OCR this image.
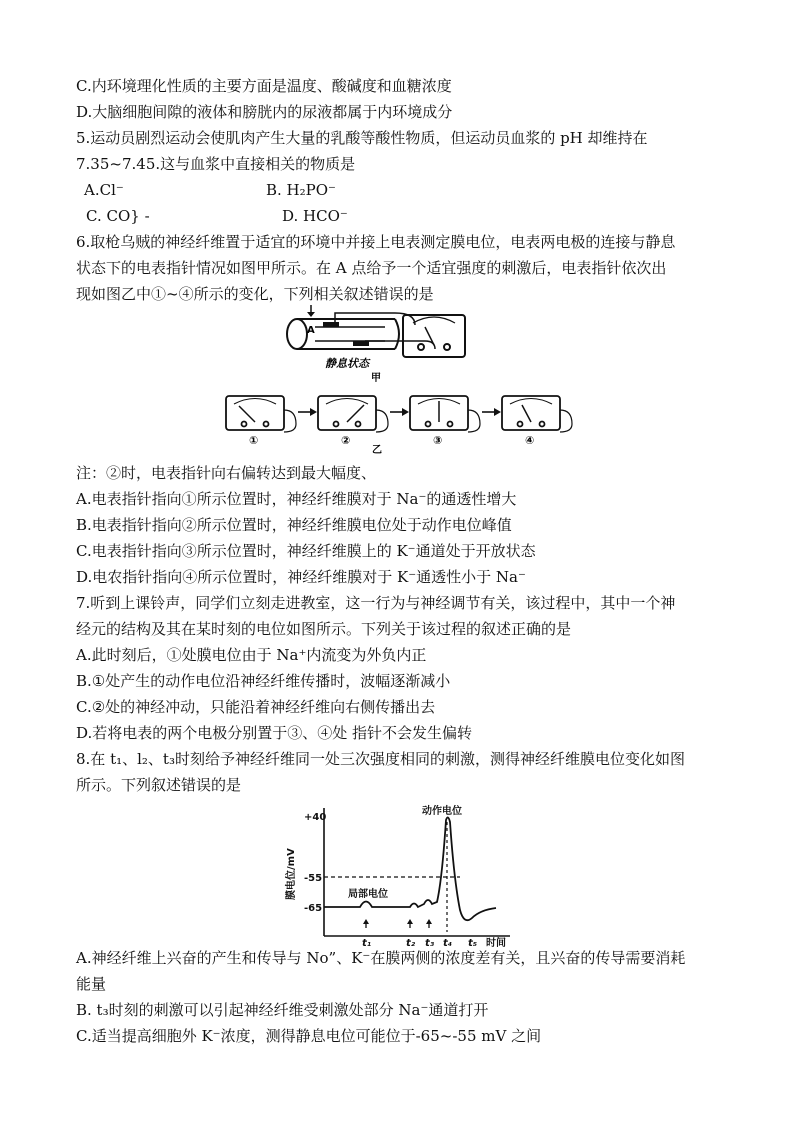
C.内环境理化性质的主要方面是温度、酸碱度和血糖浓度
D.大脑细胞间隙的液体和膀胱内的尿液都属于内环境成分
5.运动员剧烈运动会使肌肉产生大量的乳酸等酸性物质，但运动员血浆的 pH 却维持在
7.35~7.45.这与血浆中直接相关的物质是
A.Cl⁻	B. H₂PO⁻
C. CO} -	D. HCO⁻
6.取枪乌贼的神经纤维置于适宜的环境中并接上电表测定膜电位，电表两电极的连接与静息
状态下的电表指针情况如图甲所示。在 A 点给予一个适宜强度的刺激后，电表指针依次出
现如图乙中①~④所示的变化，下列相关叙述错误的是
A
静息状态
甲
①	②	③	④
乙
注：②时，电表指针向右偏转达到最大幅度、
A.电表指针指向①所示位置时，神经纤维膜对于 Na⁻的通透性增大
B.电表指针指向②所示位置时，神经纤维膜电位处于动作电位峰值
C.电表指针指向③所示位置时，神经纤维膜上的 K⁻通道处于开放状态
D.电农指针指向④所示位置时，神经纤维膜对于 K⁻通透性小于 Na⁻
7.听到上课铃声，同学们立刻走进教室，这一行为与神经调节有关，该过程中，其中一个神
经元的结构及其在某时刻的电位如图所示。下列关于该过程的叙述正确的是
A.此时刻后，①处膜电位由于 Na⁺内流变为外负内正
B.①处产生的动作电位沿神经纤维传播时，波幅逐渐减小
C.②处的神经冲动，只能沿着神经纤维向右侧传播出去
D.若将电表的两个电极分别置于③、④处 指针不会发生偏转
8.在 t₁、l₂、t₃时刻给予神经纤维同一处三次强度相同的刺激，测得神经纤维膜电位变化如图
所示。下列叙述错误的是
+40
-55
-65
t₁	t₂ t₃ t₄ t₅ 时间
动作电位
局部电位
膜电位/mV
A.神经纤维上兴奋的产生和传导与 No”、K⁻在膜两侧的浓度差有关，且兴奋的传导需要消耗
能量
B. t₃时刻的刺激可以引起神经纤维受刺激处部分 Na⁻通道打开
C.适当提高细胞外 K⁻浓度，测得静息电位可能位于-65~-55 mV 之间
